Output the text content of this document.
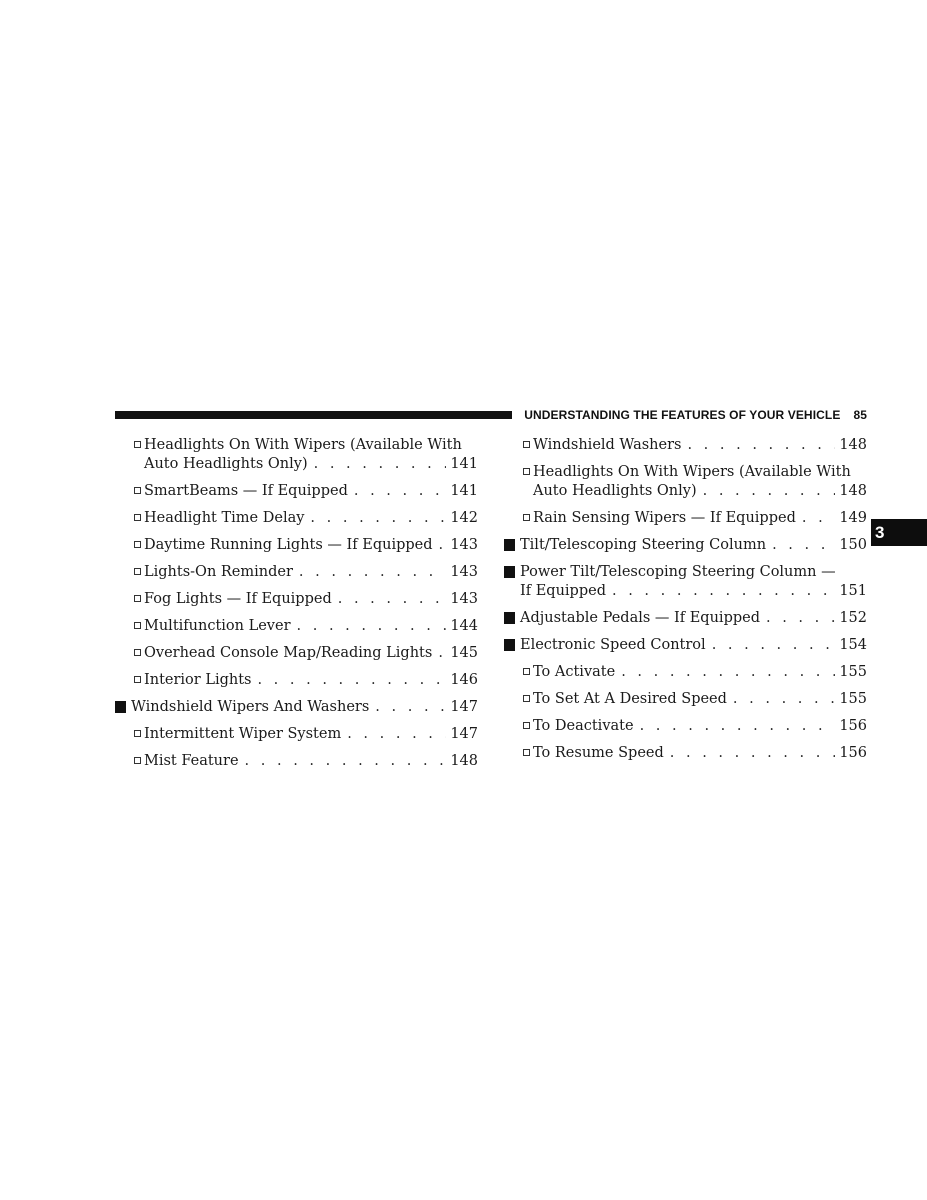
UNDERSTANDING THE FEATURES OF YOUR VEHICLE 85
3
Headlights On With Wipers (Available With
Auto Headlights Only) . . .	141
SmartBeams — If Equipped . . .	141
Headlight Time Delay . . .	142
Daytime Running Lights — If Equipped . . . 143
Lights-On Reminder . . .	143
Fog Lights — If Equipped . . .	143
Multifunction Lever . . .	144
Overhead Console Map/Reading Lights . . . 145
Interior Lights . . .	146
Windshield Wipers And Washers . . .	147
Intermittent Wiper System . . .	147
Mist Feature . . .	148
Windshield Washers . . .	148
Headlights On With Wipers (Available With
Auto Headlights Only) . . .	148
Rain Sensing Wipers — If Equipped . . .	149
Tilt/Telescoping Steering Column . . .	150
Power Tilt/Telescoping Steering Column —
If Equipped . . .	151
Adjustable Pedals — If Equipped . . .	152
Electronic Speed Control . . .	154
To Activate . . .	155
To Set At A Desired Speed . . .	155
To Deactivate . . .	156
To Resume Speed . . .	156
